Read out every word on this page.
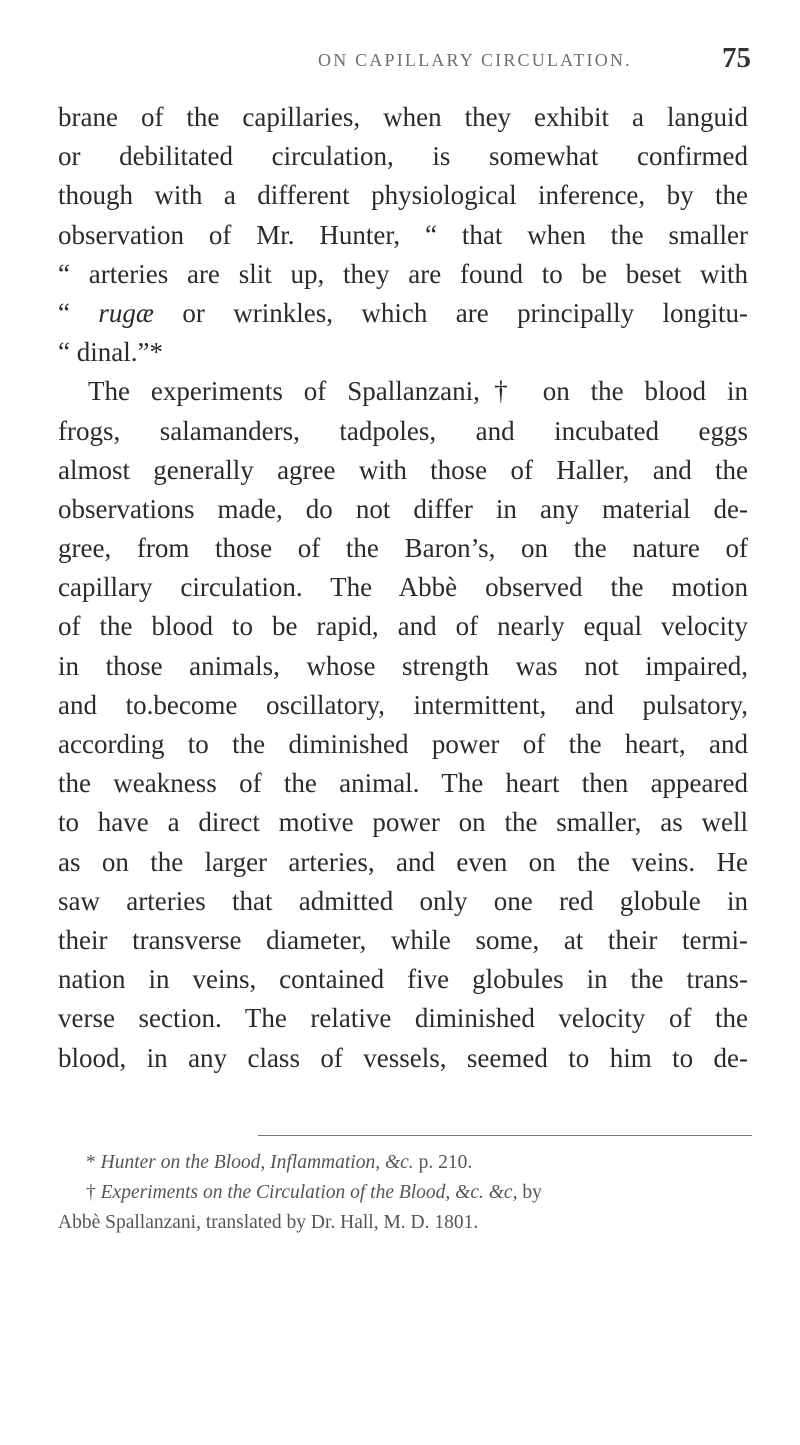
ON CAPILLARY CIRCULATION.	75
brane of the capillaries, when they exhibit a languid
or debilitated circulation, is somewhat confirmed
though with a different physiological inference, by the
observation of Mr. Hunter, “ that when the smaller
“ arteries are slit up, they are found to be beset with
“ rugæ or wrinkles, which are principally longitu-
“ dinal.”*
The experiments of Spallanzani,† on the blood in
frogs, salamanders, tadpoles, and incubated eggs
almost generally agree with those of Haller, and the
observations made, do not differ in any material de-
gree, from those of the Baron’s, on the nature of
capillary circulation. The Abbè observed the motion
of the blood to be rapid, and of nearly equal velocity
in those animals, whose strength was not impaired,
and to.become oscillatory, intermittent, and pulsatory,
according to the diminished power of the heart, and
the weakness of the animal. The heart then appeared
to have a direct motive power on the smaller, as well
as on the larger arteries, and even on the veins. He
saw arteries that admitted only one red globule in
their transverse diameter, while some, at their termi-
nation in veins, contained five globules in the trans-
verse section. The relative diminished velocity of the
blood, in any class of vessels, seemed to him to de-
* Hunter on the Blood, Inflammation, &c. p. 210.
† Experiments on the Circulation of the Blood, &c. &c, by
Abbè Spallanzani, translated by Dr. Hall, M. D. 1801.
